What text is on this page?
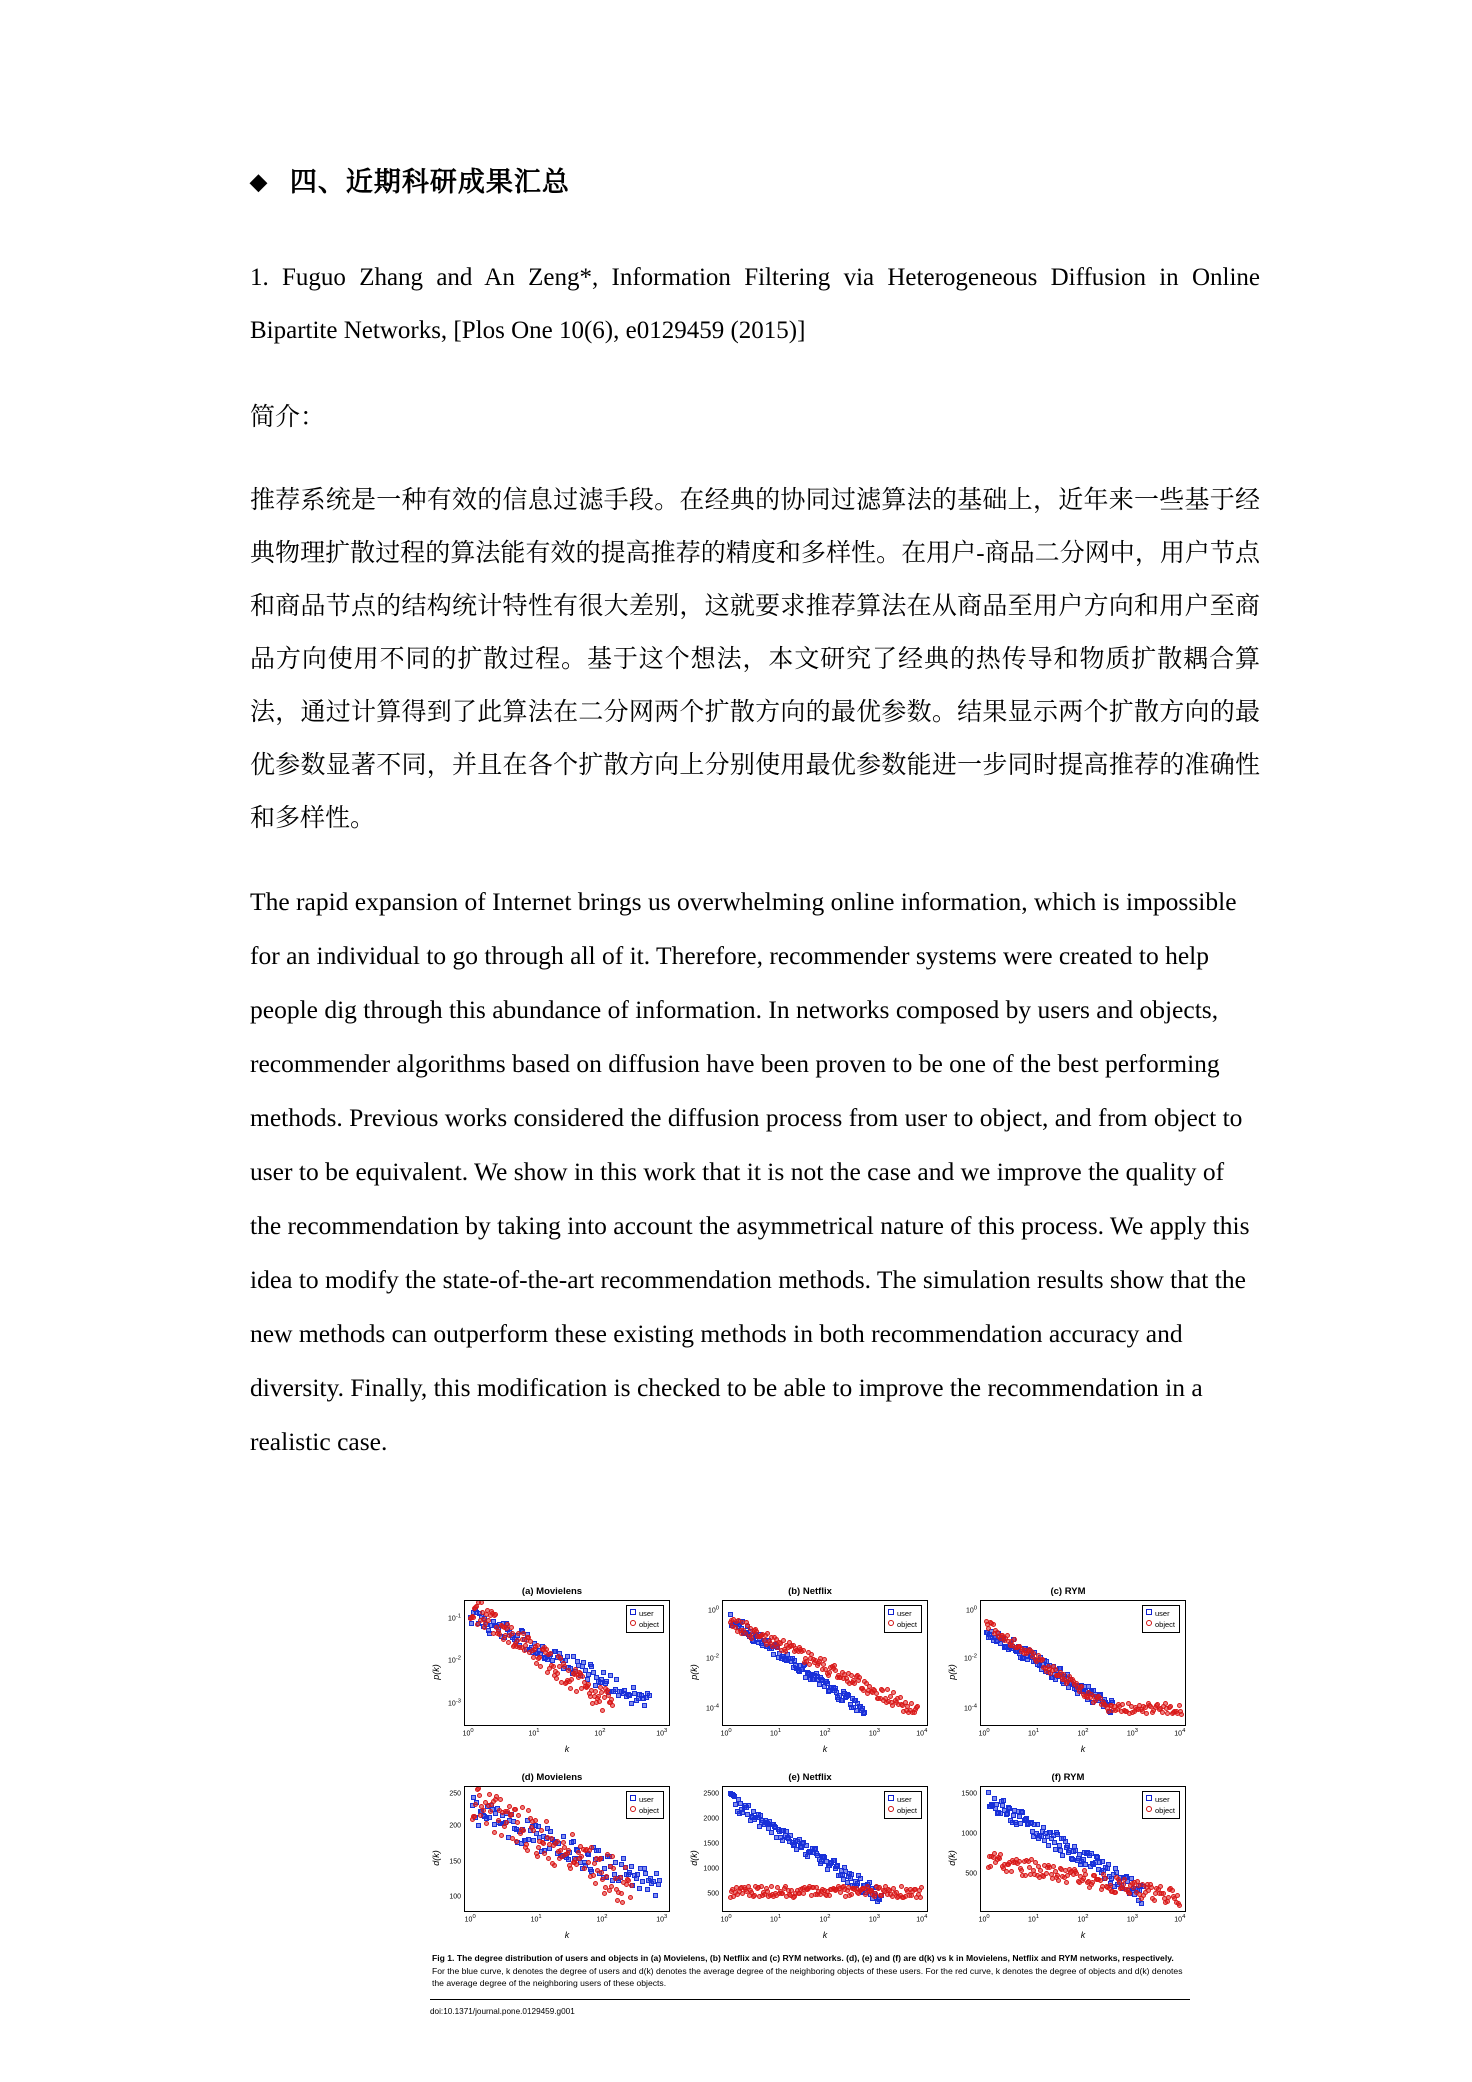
◆ 四、近期科研成果汇总
1. Fuguo Zhang and An Zeng*, Information Filtering via Heterogeneous Diffusion in Online Bipartite Networks, [Plos One 10(6), e0129459 (2015)]
简介：
推荐系统是一种有效的信息过滤手段。在经典的协同过滤算法的基础上，近年来一些基于经典物理扩散过程的算法能有效的提高推荐的精度和多样性。在用户-商品二分网中，用户节点和商品节点的结构统计特性有很大差别，这就要求推荐算法在从商品至用户方向和用户至商品方向使用不同的扩散过程。基于这个想法，本文研究了经典的热传导和物质扩散耦合算法，通过计算得到了此算法在二分网两个扩散方向的最优参数。结果显示两个扩散方向的最优参数显著不同，并且在各个扩散方向上分别使用最优参数能进一步同时提高推荐的准确性和多样性。
The rapid expansion of Internet brings us overwhelming online information, which is impossible for an individual to go through all of it. Therefore, recommender systems were created to help people dig through this abundance of information. In networks composed by users and objects, recommender algorithms based on diffusion have been proven to be one of the best performing methods. Previous works considered the diffusion process from user to object, and from object to user to be equivalent. We show in this work that it is not the case and we improve the quality of the recommendation by taking into account the asymmetrical nature of this process. We apply this idea to modify the state-of-the-art recommendation methods. The simulation results show that the new methods can outperform these existing methods in both recommendation accuracy and diversity. Finally, this modification is checked to be able to improve the recommendation in a realistic case.
(a) Movielens
p(k)
user
object
$10^{-1}$
$10^{-2}$
$10^{-3}$
$10^0$	$10^1$	$10^2$	$10^3$
k
(b) Netflix
p(k)
user
object
$10^0$
$10^{-2}$
$10^{-4}$
$10^0$	$10^1$	$10^2$	$10^3$	$10^4$
k
(c) RYM
p(k)
user
object
$10^0$
$10^{-2}$
$10^{-4}$
$10^0$	$10^1$	$10^2$	$10^3$	$10^4$
k
(d) Movielens
d(k)
user
object
250
200
150
100
$10^0$	$10^1$	$10^2$	$10^3$
k
(e) Netflix
d(k)
user
object
2500
2000
1500
1000
500
$10^0$	$10^1$	$10^2$	$10^3$	$10^4$
k
(f) RYM
d(k)
user
object
1500
1000
500
$10^0$	$10^1$	$10^2$	$10^3$	$10^4$
k
Fig 1. The degree distribution of users and objects in (a) Movielens, (b) Netflix and (c) RYM networks. (d), (e) and (f) are d(k) vs k in Movielens, Netflix and RYM networks, respectively. For the blue curve, k denotes the degree of users and d(k) denotes the average degree of the neighboring objects of these users. For the red curve, k denotes the degree of objects and d(k) denotes the average degree of the neighboring users of these objects.
doi:10.1371/journal.pone.0129459.g001
